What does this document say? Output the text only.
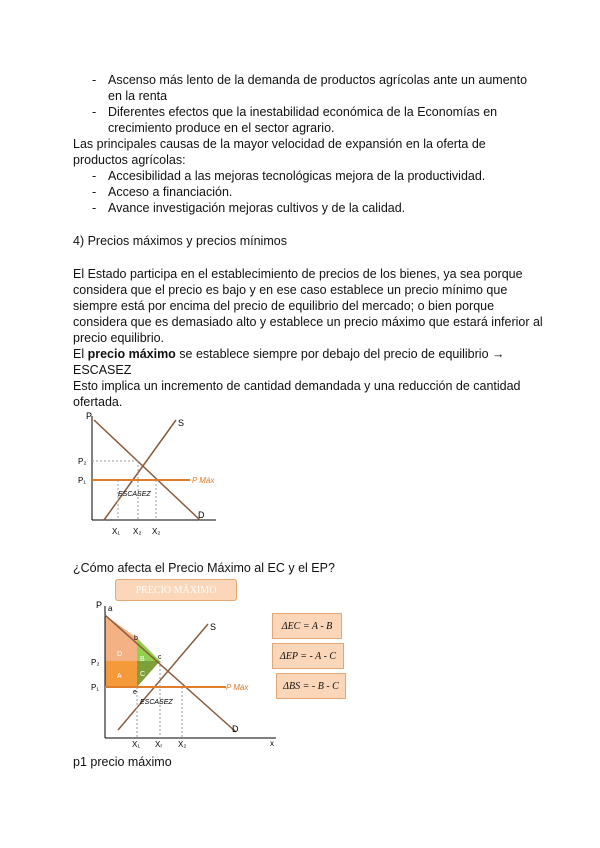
- Ascenso más lento de la demanda de productos agrícolas ante un aumento
en la renta
- Diferentes efectos que la inestabilidad económica de la Economías en
crecimiento produce en el sector agrario.
Las principales causas de la mayor velocidad de expansión en la oferta de
productos agrícolas:
- Accesibilidad a las mejoras tecnológicas mejora de la productividad.
- Acceso a financiación.
- Avance investigación mejoras cultivos y de la calidad.
4) Precios máximos y precios mínimos
El Estado participa en el establecimiento de precios de los bienes, ya sea porque
considera que el precio es bajo y en ese caso establece un precio mínimo que
siempre está por encima del precio de equilibrio del mercado; o bien porque
considera que es demasiado alto y establece un precio máximo que estará inferior al
precio equilibrio.
El precio máximo se establece siempre por debajo del precio de equilibrio →
ESCASEZ
Esto implica un incremento de cantidad demandada y una reducción de cantidad
ofertada.
P
S
D
P₂
P₁	P Máx
ESCASEZ
X₁ X₂ X₂
¿Cómo afecta el Precio Máximo al EC y el EP?
PRECIO MÁXIMO
P a
b
c
e
S
D
x
P₂
P₁	P Máx
ESCASEZ
D
A
B
C
X₁ Xᵣ X₂
ΔEC = A - B
ΔEP = - A - C
ΔBS = - B - C
p1 precio máximo
